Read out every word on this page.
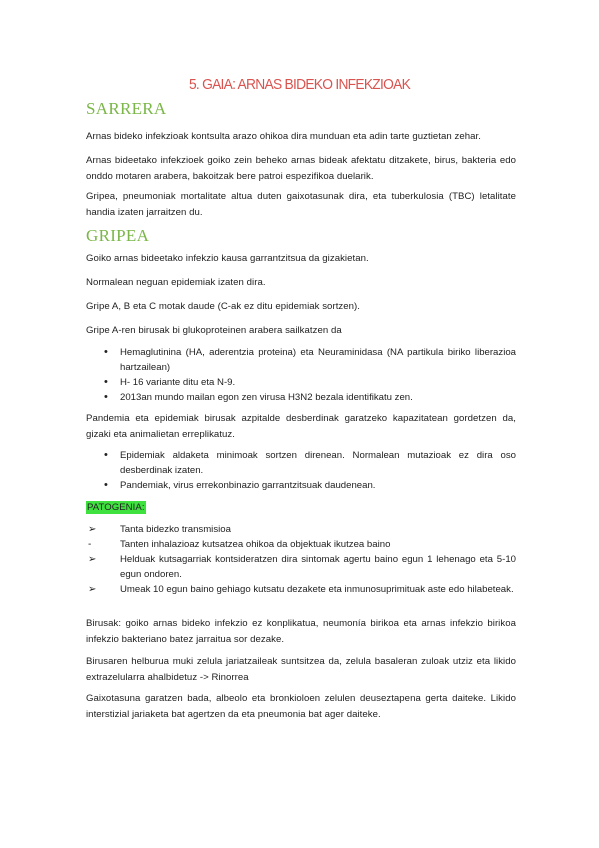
5. GAIA: ARNAS BIDEKO INFEKZIOAK
SARRERA
Arnas bideko infekzioak kontsulta arazo ohikoa dira munduan eta adin tarte guztietan zehar.
Arnas bideetako infekzioek goiko zein beheko arnas bideak afektatu ditzakete, birus, bakteria edo onddo motaren arabera, bakoitzak bere patroi espezifikoa duelarik.
Gripea, pneumoniak mortalitate altua duten gaixotasunak dira, eta tuberkulosia (TBC) letalitate handia izaten jarraitzen du.
GRIPEA
Goiko arnas bideetako infekzio kausa garrantzitsua da gizakietan.
Normalean neguan epidemiak izaten dira.
Gripe A, B eta C motak daude (C-ak ez ditu epidemiak sortzen).
Gripe A-ren birusak bi glukoproteinen arabera sailkatzen da
• Hemaglutinina (HA, aderentzia proteina) eta Neuraminidasa (NA partikula biriko liberazioa hartzailean)
• H- 16 variante ditu eta N-9.
• 2013an mundo mailan egon zen virusa H3N2 bezala identifikatu zen.
Pandemia eta epidemiak birusak azpitalde desberdinak garatzeko kapazitatean gordetzen da, gizaki eta animalietan erreplikatuz.
• Epidemiak aldaketa minimoak sortzen direnean. Normalean mutazioak ez dira oso desberdinak izaten.
• Pandemiak, virus errekonbinazio garrantzitsuak daudenean.
PATOGENIA:
➢ Tanta bidezko transmisioa
-	Tanten inhalazioaz kutsatzea ohikoa da objektuak ikutzea baino
➢ Helduak kutsagarriak kontsideratzen dira sintomak agertu baino egun 1 lehenago eta 5-10 egun ondoren.
➢ Umeak 10 egun baino gehiago kutsatu dezakete eta inmunosuprimituak aste edo hilabeteak.
Birusak: goiko arnas bideko infekzio ez konplikatua, neumonía birikoa eta arnas infekzio birikoa infekzio bakteriano batez jarraitua sor dezake.
Birusaren helburua muki zelula jariatzaileak suntsitzea da, zelula basaleran zuloak utziz eta likido extrazelularra ahalbidetuz -> Rinorrea
Gaixotasuna garatzen bada, albeolo eta bronkioloen zelulen deuseztapena gerta daiteke. Likido interstizial jariaketa bat agertzen da eta pneumonia bat ager daiteke.
